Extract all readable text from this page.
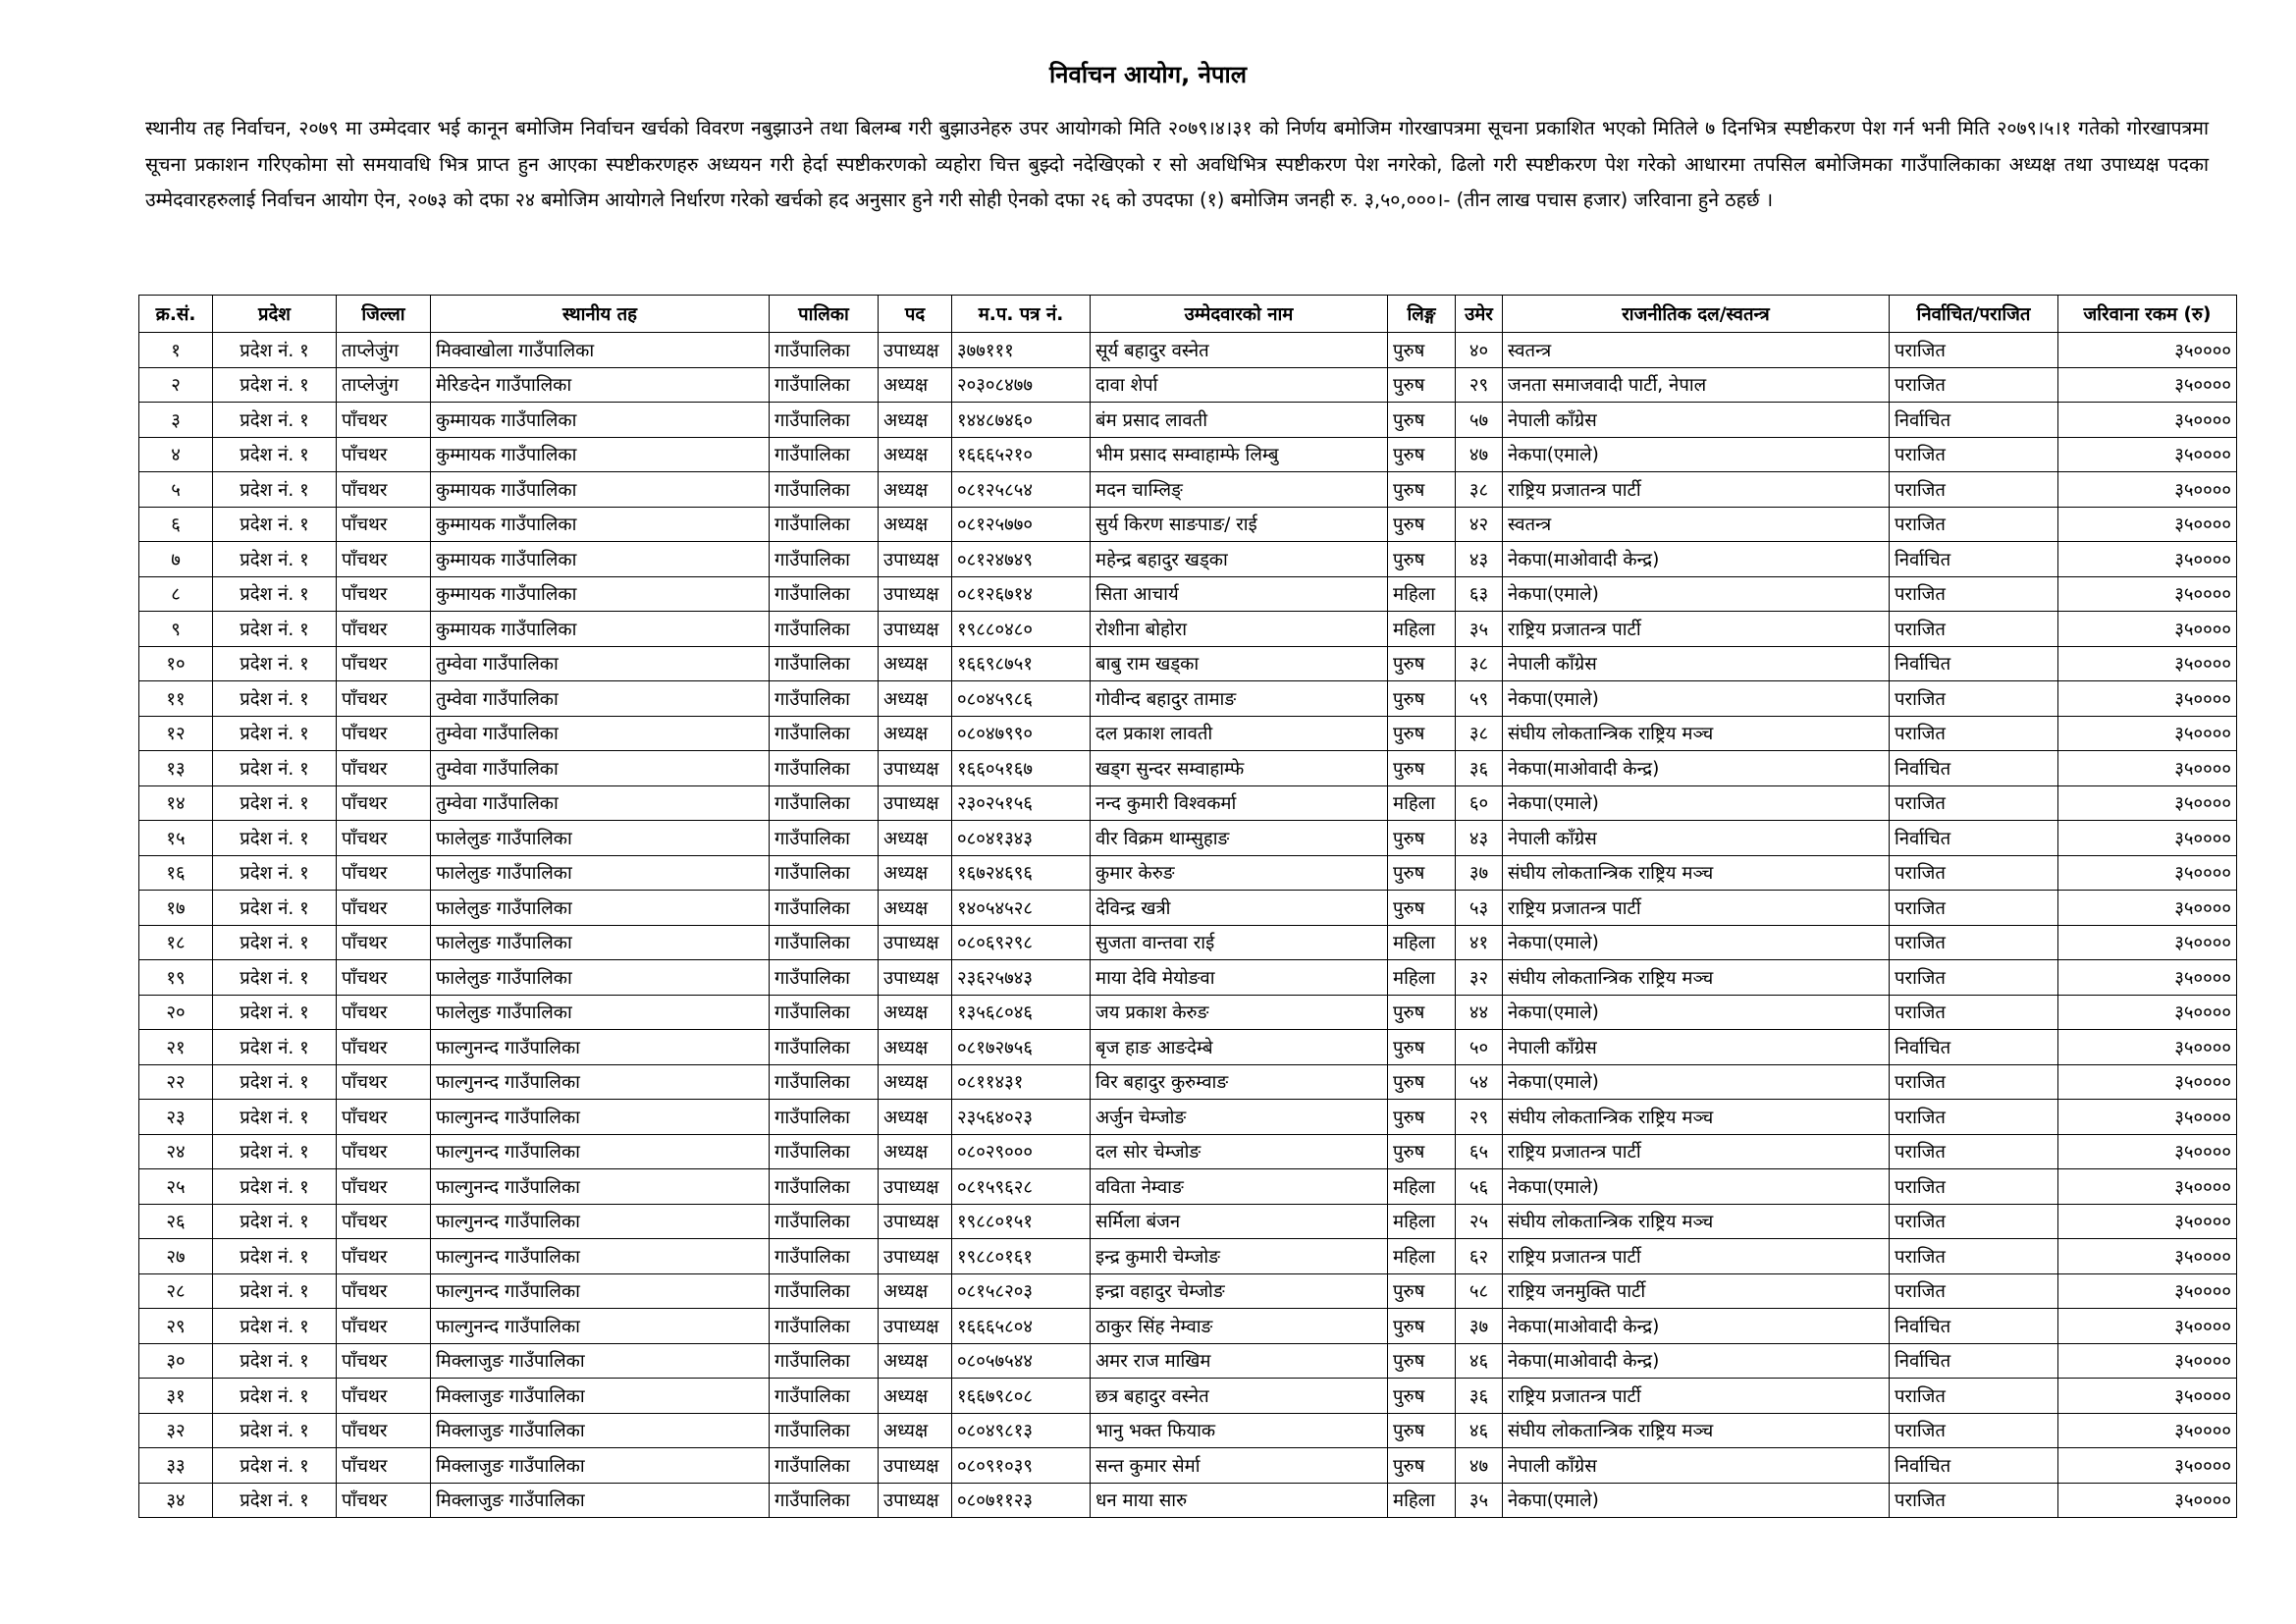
निर्वाचन आयोग, नेपाल
स्थानीय तह निर्वाचन, २०७९ मा उम्मेदवार भई कानून बमोजिम निर्वाचन खर्चको विवरण नबुझाउने तथा बिलम्ब गरी बुझाउनेहरु उपर आयोगको मिति २०७९।४।३१ को निर्णय बमोजिम गोरखापत्रमा सूचना प्रकाशित भएको मितिले ७ दिनभित्र स्पष्टीकरण पेश गर्न भनी मिति २०७९।५।१ गतेको गोरखापत्रमा सूचना प्रकाशन गरिएकोमा सो समयावधि भित्र प्राप्त हुन आएका स्पष्टीकरणहरु अध्ययन गरी हेर्दा स्पष्टीकरणको व्यहोरा चित्त बुझ्दो नदेखिएको र सो अवधिभित्र स्पष्टीकरण पेश नगरेको, ढिलो गरी स्पष्टीकरण पेश गरेको आधारमा तपसिल बमोजिमका गाउँपालिकाका अध्यक्ष तथा उपाध्यक्ष पदका उम्मेदवारहरुलाई निर्वाचन आयोग ऐन, २०७३ को दफा २४ बमोजिम आयोगले निर्धारण गरेको खर्चको हद अनुसार हुने गरी सोही ऐनको दफा २६ को उपदफा (१) बमोजिम जनही रु. ३,५०,०००।- (तीन लाख पचास हजार) जरिवाना हुने ठहर्छ ।
क्र.सं.	प्रदेश	जिल्ला	स्थानीय तह	पालिका	पद	म.प. पत्र नं.	उम्मेदवारको नाम	लिङ्ग	उमेर	राजनीतिक दल/स्वतन्त्र	निर्वाचित/पराजित	जरिवाना रकम (रु)
१	प्रदेश नं. १	ताप्लेजुंग	मिक्वाखोला गाउँपालिका	गाउँपालिका	उपाध्यक्ष	३७७१११	सूर्य बहादुर वस्नेत	पुरुष	४०	स्वतन्त्र	पराजित	३५००००
२	प्रदेश नं. १	ताप्लेजुंग	मेरिङदेन गाउँपालिका	गाउँपालिका	अध्यक्ष	२०३०८४७७	दावा शेर्पा	पुरुष	२९	जनता समाजवादी पार्टी, नेपाल	पराजित	३५००००
३	प्रदेश नं. १	पाँचथर	कुम्मायक गाउँपालिका	गाउँपालिका	अध्यक्ष	१४४८७४६०	बंम प्रसाद लावती	पुरुष	५७	नेपाली काँग्रेस	निर्वाचित	३५००००
४	प्रदेश नं. १	पाँचथर	कुम्मायक गाउँपालिका	गाउँपालिका	अध्यक्ष	१६६६५२१०	भीम प्रसाद सम्वाहाम्फे लिम्बु	पुरुष	४७	नेकपा(एमाले)	पराजित	३५००००
५	प्रदेश नं. १	पाँचथर	कुम्मायक गाउँपालिका	गाउँपालिका	अध्यक्ष	०८१२५८५४	मदन चाम्लिङ्	पुरुष	३८	राष्ट्रिय प्रजातन्त्र पार्टी	पराजित	३५००००
६	प्रदेश नं. १	पाँचथर	कुम्मायक गाउँपालिका	गाउँपालिका	अध्यक्ष	०८१२५७७०	सुर्य किरण साङपाङ/ राई	पुरुष	४२	स्वतन्त्र	पराजित	३५००००
७	प्रदेश नं. १	पाँचथर	कुम्मायक गाउँपालिका	गाउँपालिका	उपाध्यक्ष	०८१२४७४९	महेन्द्र बहादुर खड्का	पुरुष	४३	नेकपा(माओवादी केन्द्र)	निर्वाचित	३५००००
८	प्रदेश नं. १	पाँचथर	कुम्मायक गाउँपालिका	गाउँपालिका	उपाध्यक्ष	०८१२६७१४	सिता आचार्य	महिला	६३	नेकपा(एमाले)	पराजित	३५००००
९	प्रदेश नं. १	पाँचथर	कुम्मायक गाउँपालिका	गाउँपालिका	उपाध्यक्ष	१९८८०४८०	रोशीना बोहोरा	महिला	३५	राष्ट्रिय प्रजातन्त्र पार्टी	पराजित	३५००००
१०	प्रदेश नं. १	पाँचथर	तुम्वेवा गाउँपालिका	गाउँपालिका	अध्यक्ष	१६६९८७५१	बाबु राम खड्का	पुरुष	३८	नेपाली काँग्रेस	निर्वाचित	३५००००
११	प्रदेश नं. १	पाँचथर	तुम्वेवा गाउँपालिका	गाउँपालिका	अध्यक्ष	०८०४५९८६	गोवीन्द बहादुर तामाङ	पुरुष	५९	नेकपा(एमाले)	पराजित	३५००००
१२	प्रदेश नं. १	पाँचथर	तुम्वेवा गाउँपालिका	गाउँपालिका	अध्यक्ष	०८०४७९९०	दल प्रकाश लावती	पुरुष	३८	संघीय लोकतान्त्रिक राष्ट्रिय मञ्च	पराजित	३५००००
१३	प्रदेश नं. १	पाँचथर	तुम्वेवा गाउँपालिका	गाउँपालिका	उपाध्यक्ष	१६६०५१६७	खड्ग सुन्दर सम्वाहाम्फे	पुरुष	३६	नेकपा(माओवादी केन्द्र)	निर्वाचित	३५००००
१४	प्रदेश नं. १	पाँचथर	तुम्वेवा गाउँपालिका	गाउँपालिका	उपाध्यक्ष	२३०२५१५६	नन्द कुमारी विश्वकर्मा	महिला	६०	नेकपा(एमाले)	पराजित	३५००००
१५	प्रदेश नं. १	पाँचथर	फालेलुङ गाउँपालिका	गाउँपालिका	अध्यक्ष	०८०४१३४३	वीर विक्रम थाम्सुहाङ	पुरुष	४३	नेपाली काँग्रेस	निर्वाचित	३५००००
१६	प्रदेश नं. १	पाँचथर	फालेलुङ गाउँपालिका	गाउँपालिका	अध्यक्ष	१६७२४६९६	कुमार केरुङ	पुरुष	३७	संघीय लोकतान्त्रिक राष्ट्रिय मञ्च	पराजित	३५००००
१७	प्रदेश नं. १	पाँचथर	फालेलुङ गाउँपालिका	गाउँपालिका	अध्यक्ष	१४०५४५२८	देविन्द्र खत्री	पुरुष	५३	राष्ट्रिय प्रजातन्त्र पार्टी	पराजित	३५००००
१८	प्रदेश नं. १	पाँचथर	फालेलुङ गाउँपालिका	गाउँपालिका	उपाध्यक्ष	०८०६९२९८	सुजता वान्तवा राई	महिला	४१	नेकपा(एमाले)	पराजित	३५००००
१९	प्रदेश नं. १	पाँचथर	फालेलुङ गाउँपालिका	गाउँपालिका	उपाध्यक्ष	२३६२५७४३	माया देवि मेयोङवा	महिला	३२	संघीय लोकतान्त्रिक राष्ट्रिय मञ्च	पराजित	३५००००
२०	प्रदेश नं. १	पाँचथर	फालेलुङ गाउँपालिका	गाउँपालिका	अध्यक्ष	१३५६८०४६	जय प्रकाश केरुङ	पुरुष	४४	नेकपा(एमाले)	पराजित	३५००००
२१	प्रदेश नं. १	पाँचथर	फाल्गुनन्द गाउँपालिका	गाउँपालिका	अध्यक्ष	०८१७२७५६	बृज हाङ आङदेम्बे	पुरुष	५०	नेपाली काँग्रेस	निर्वाचित	३५००००
२२	प्रदेश नं. १	पाँचथर	फाल्गुनन्द गाउँपालिका	गाउँपालिका	अध्यक्ष	०८११४३१	विर बहादुर कुरुम्वाङ	पुरुष	५४	नेकपा(एमाले)	पराजित	३५००००
२३	प्रदेश नं. १	पाँचथर	फाल्गुनन्द गाउँपालिका	गाउँपालिका	अध्यक्ष	२३५६४०२३	अर्जुन चेम्जोङ	पुरुष	२९	संघीय लोकतान्त्रिक राष्ट्रिय मञ्च	पराजित	३५००००
२४	प्रदेश नं. १	पाँचथर	फाल्गुनन्द गाउँपालिका	गाउँपालिका	अध्यक्ष	०८०२९०००	दल सोर चेम्जोङ	पुरुष	६५	राष्ट्रिय प्रजातन्त्र पार्टी	पराजित	३५००००
२५	प्रदेश नं. १	पाँचथर	फाल्गुनन्द गाउँपालिका	गाउँपालिका	उपाध्यक्ष	०८१५९६२८	वविता नेम्वाङ	महिला	५६	नेकपा(एमाले)	पराजित	३५००००
२६	प्रदेश नं. १	पाँचथर	फाल्गुनन्द गाउँपालिका	गाउँपालिका	उपाध्यक्ष	१९८८०१५१	सर्मिला बंजन	महिला	२५	संघीय लोकतान्त्रिक राष्ट्रिय मञ्च	पराजित	३५००००
२७	प्रदेश नं. १	पाँचथर	फाल्गुनन्द गाउँपालिका	गाउँपालिका	उपाध्यक्ष	१९८८०१६१	इन्द्र कुमारी चेम्जोङ	महिला	६२	राष्ट्रिय प्रजातन्त्र पार्टी	पराजित	३५००००
२८	प्रदेश नं. १	पाँचथर	फाल्गुनन्द गाउँपालिका	गाउँपालिका	अध्यक्ष	०८१५८२०३	इन्द्रा वहादुर चेम्जोङ	पुरुष	५८	राष्ट्रिय जनमुक्ति पार्टी	पराजित	३५००००
२९	प्रदेश नं. १	पाँचथर	फाल्गुनन्द गाउँपालिका	गाउँपालिका	उपाध्यक्ष	१६६६५८०४	ठाकुर सिंह नेम्वाङ	पुरुष	३७	नेकपा(माओवादी केन्द्र)	निर्वाचित	३५००००
३०	प्रदेश नं. १	पाँचथर	मिक्लाजुङ गाउँपालिका	गाउँपालिका	अध्यक्ष	०८०५७५४४	अमर राज माखिम	पुरुष	४६	नेकपा(माओवादी केन्द्र)	निर्वाचित	३५००००
३१	प्रदेश नं. १	पाँचथर	मिक्लाजुङ गाउँपालिका	गाउँपालिका	अध्यक्ष	१६६७९८०८	छत्र बहादुर वस्नेत	पुरुष	३६	राष्ट्रिय प्रजातन्त्र पार्टी	पराजित	३५००००
३२	प्रदेश नं. १	पाँचथर	मिक्लाजुङ गाउँपालिका	गाउँपालिका	अध्यक्ष	०८०४९८१३	भानु भक्त फियाक	पुरुष	४६	संघीय लोकतान्त्रिक राष्ट्रिय मञ्च	पराजित	३५००००
३३	प्रदेश नं. १	पाँचथर	मिक्लाजुङ गाउँपालिका	गाउँपालिका	उपाध्यक्ष	०८०९१०३९	सन्त कुमार सेर्मा	पुरुष	४७	नेपाली काँग्रेस	निर्वाचित	३५००००
३४	प्रदेश नं. १	पाँचथर	मिक्लाजुङ गाउँपालिका	गाउँपालिका	उपाध्यक्ष	०८०७११२३	धन माया सारु	महिला	३५	नेकपा(एमाले)	पराजित	३५००००
